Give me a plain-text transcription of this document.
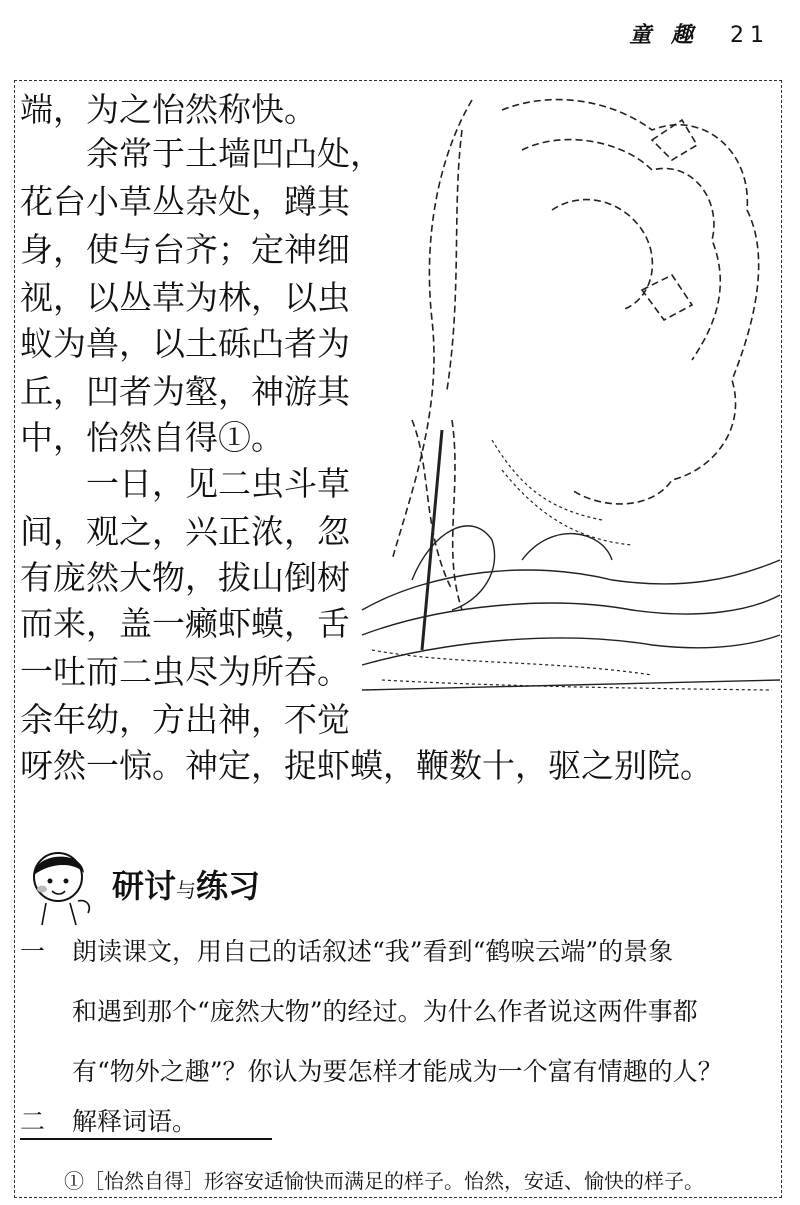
童 趣 21
端，为之怡然称快。
余常于土墙凹凸处，
花台小草丛杂处，蹲其
身，使与台齐；定神细
视，以丛草为林，以虫
蚁为兽，以土砾凸者为
丘，凹者为壑，神游其
中，怡然自得①。
一日，见二虫斗草
间，观之，兴正浓，忽
有庞然大物，拔山倒树
而来，盖一癞虾蟆，舌
一吐而二虫尽为所吞。
余年幼，方出神，不觉
呀然一惊。神定，捉虾蟆，鞭数十，驱之别院。
研讨与练习
一 朗读课文，用自己的话叙述“我”看到“鹤唳云端”的景象
和遇到那个“庞然大物”的经过。为什么作者说这两件事都
有“物外之趣”？你认为要怎样才能成为一个富有情趣的人？
二 解释词语。
①［怡然自得］形容安适愉快而满足的样子。怡然，安适、愉快的样子。
